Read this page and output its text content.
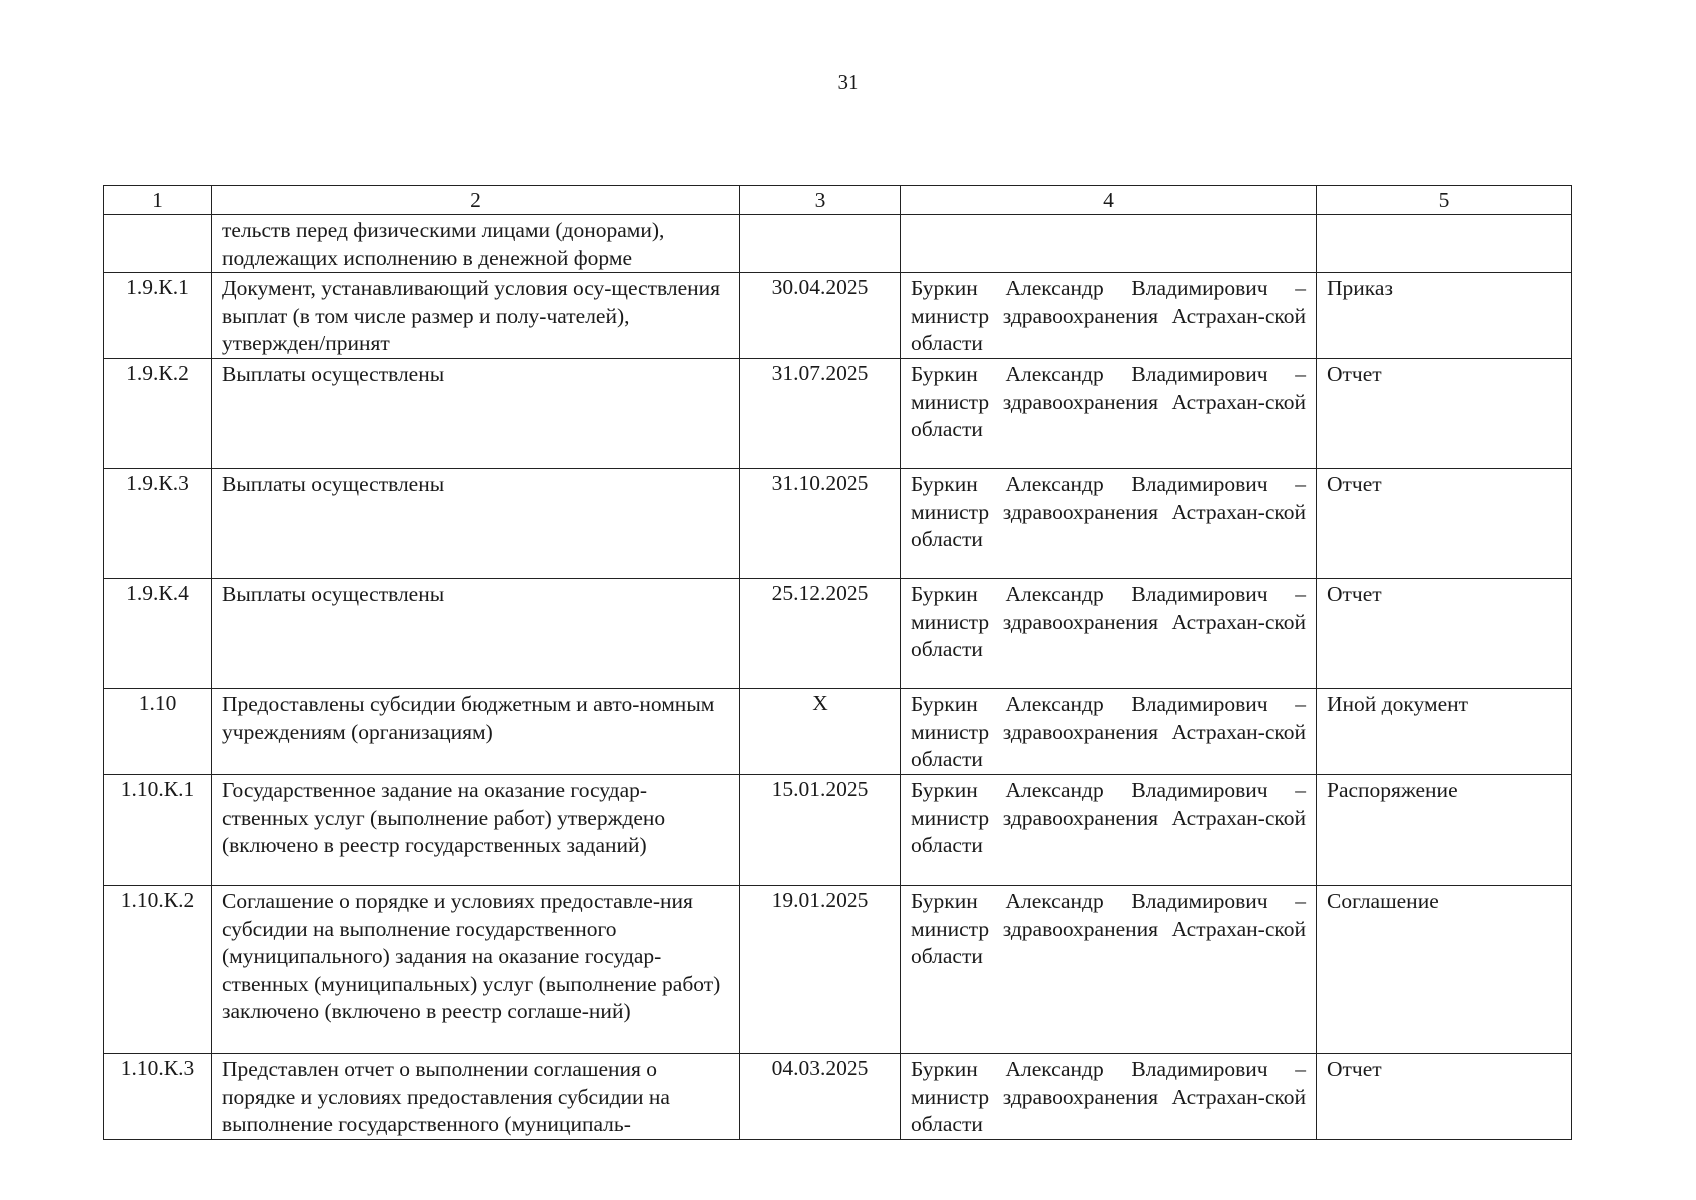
31
1	2	3	4	5
	тельств перед физическими лицами (донорами), подлежащих исполнению в денежной форме			
1.9.К.1	Документ, устанавливающий условия осу-ществления выплат (в том числе размер и полу-чателей), утвержден/принят	30.04.2025	Буркин Александр Владимирович – министр здравоохранения Астрахан-ской области	Приказ
1.9.К.2	Выплаты осуществлены	31.07.2025	Буркин Александр Владимирович – министр здравоохранения Астрахан-ской области	Отчет
1.9.К.3	Выплаты осуществлены	31.10.2025	Буркин Александр Владимирович – министр здравоохранения Астрахан-ской области	Отчет
1.9.К.4	Выплаты осуществлены	25.12.2025	Буркин Александр Владимирович – министр здравоохранения Астрахан-ской области	Отчет
1.10	Предоставлены субсидии бюджетным и авто-номным учреждениям (организациям)	X	Буркин Александр Владимирович – министр здравоохранения Астрахан-ской области	Иной документ
1.10.К.1	Государственное задание на оказание государ-ственных услуг (выполнение работ) утверждено (включено в реестр государственных заданий)	15.01.2025	Буркин Александр Владимирович – министр здравоохранения Астрахан-ской области	Распоряжение
1.10.К.2	Соглашение о порядке и условиях предоставле-ния субсидии на выполнение государственного (муниципального) задания на оказание государ-ственных (муниципальных) услуг (выполнение работ) заключено (включено в реестр соглаше-ний)	19.01.2025	Буркин Александр Владимирович – министр здравоохранения Астрахан-ской области	Соглашение
1.10.К.3	Представлен отчет о выполнении соглашения о порядке и условиях предоставления субсидии на выполнение государственного (муниципаль-	04.03.2025	Буркин Александр Владимирович – министр здравоохранения Астрахан-ской области	Отчет
